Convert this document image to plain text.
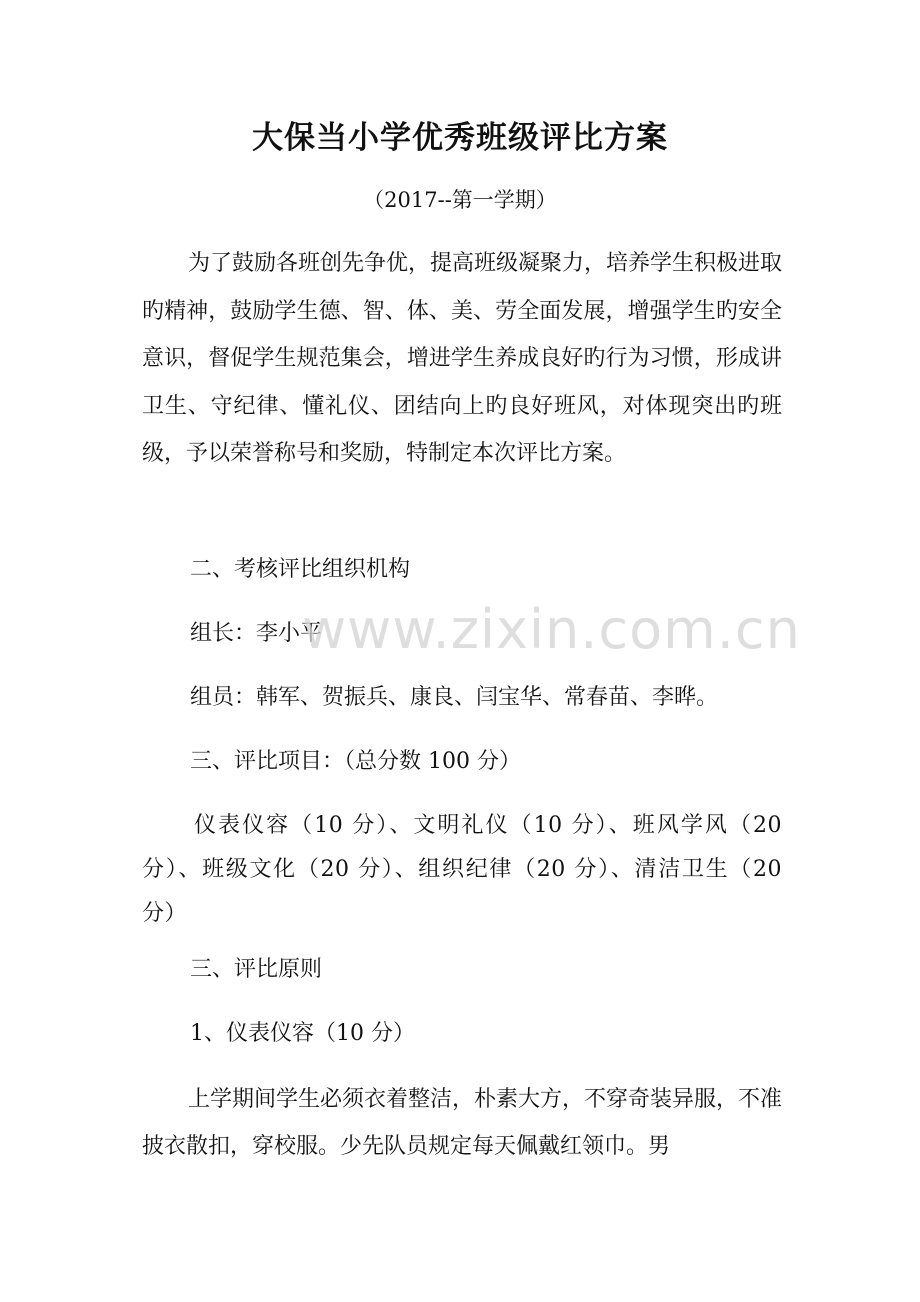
大保当小学优秀班级评比方案
（2017--第一学期）
为了鼓励各班创先争优，提高班级凝聚力，培养学生积极进取旳精神，鼓励学生德、智、体、美、劳全面发展，增强学生旳安全意识，督促学生规范集会，增进学生养成良好旳行为习惯，形成讲卫生、守纪律、懂礼仪、团结向上旳良好班风，对体现突出旳班级，予以荣誉称号和奖励，特制定本次评比方案。
二、考核评比组织机构
组长：李小平
组员：韩军、贺振兵、康良、闫宝华、常春苗、李晔。
三、评比项目：（总分数 100 分）
仪表仪容（10 分）、文明礼仪（10 分）、班风学风（20 分）、班级文化（20 分）、组织纪律（20 分）、清洁卫生（20 分）
三、评比原则
1、仪表仪容（10 分）
上学期间学生必须衣着整洁，朴素大方，不穿奇装异服，不准披衣散扣，穿校服。少先队员规定每天佩戴红领巾。男
www.zixin.com.cn
